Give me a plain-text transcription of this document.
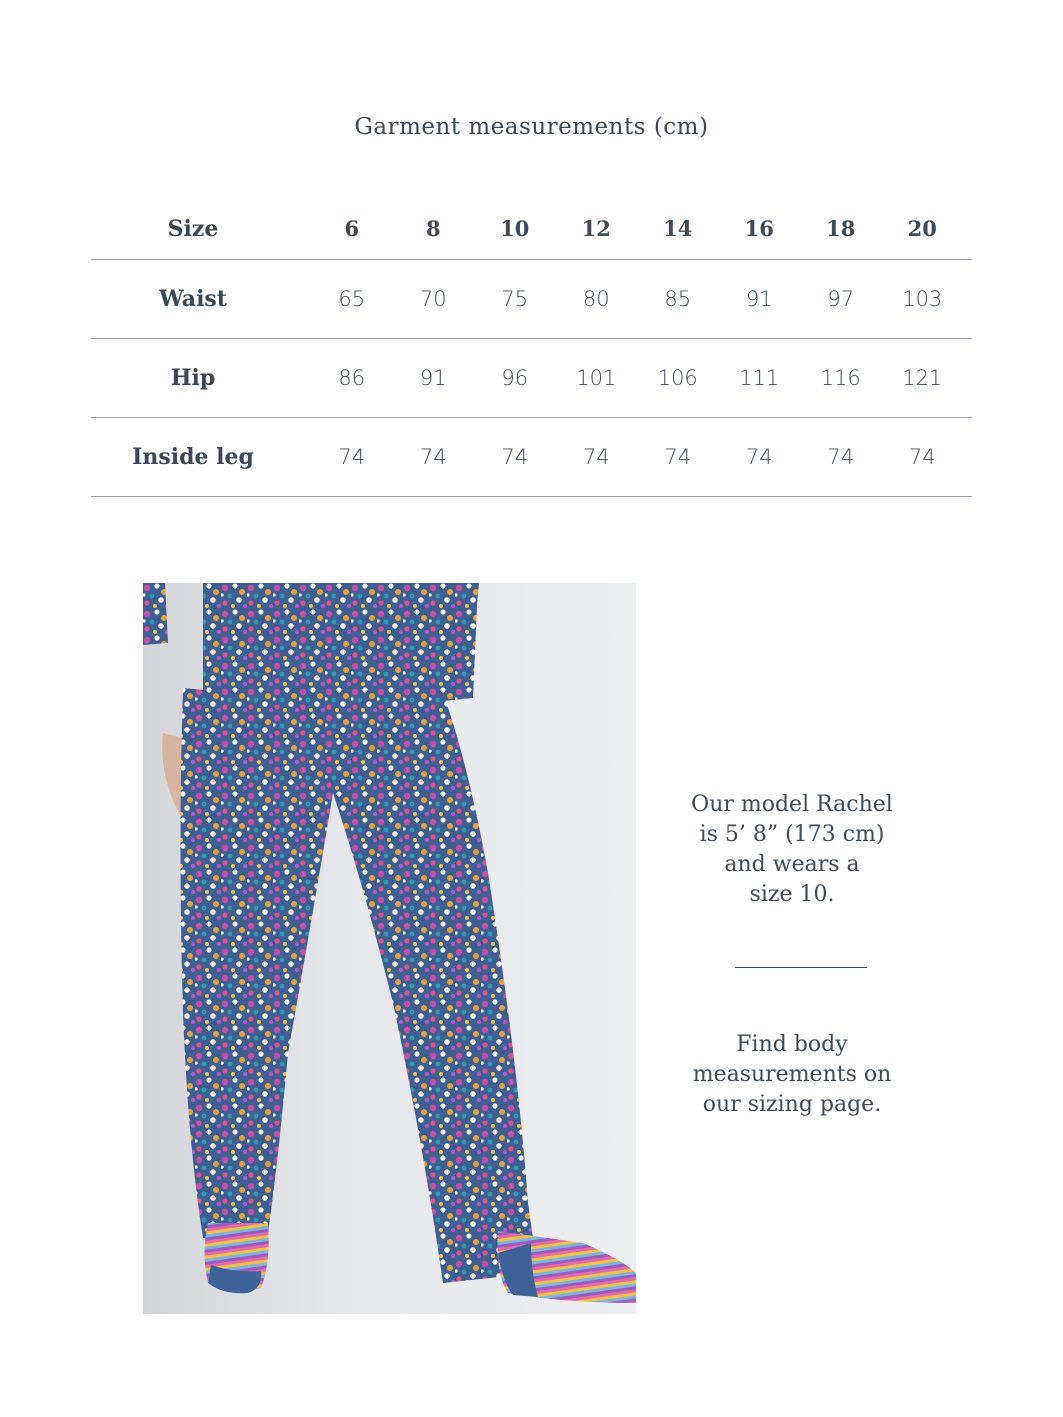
Garment measurements (cm)
Size	6	8	10	12	14	16	18	20
Waist	65	70	75	80	85	91	97	103
Hip	86	91	96	101	106	111	116	121
Inside leg	74	74	74	74	74	74	74	74
Our model Rachel
is 5’ 8” (173 cm)
and wears a
size 10.
Find body
measurements on
our sizing page.
